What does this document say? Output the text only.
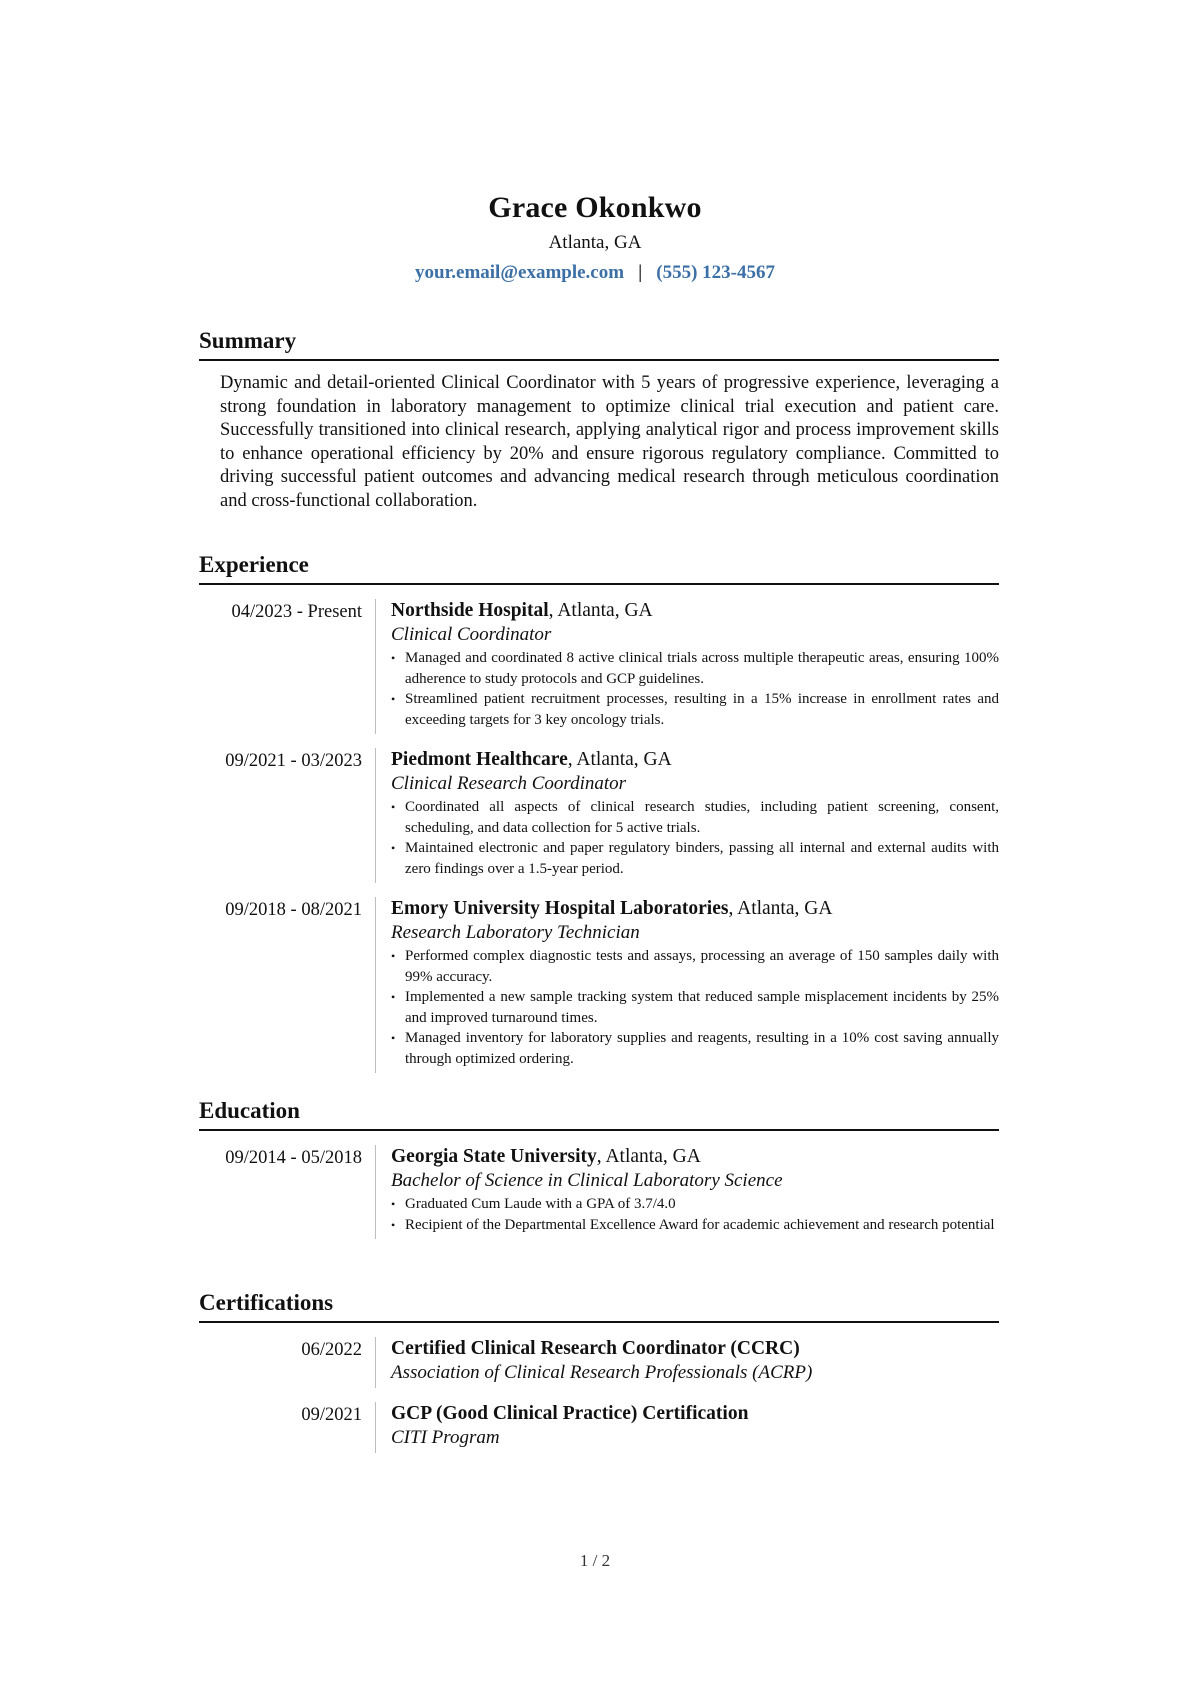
Grace Okonkwo
Atlanta, GA
your.email@example.com | (555) 123-4567
Summary
Dynamic and detail-oriented Clinical Coordinator with 5 years of progressive experience, leveraging a strong foundation in laboratory management to optimize clinical trial execution and patient care. Successfully transitioned into clinical research, applying analytical rigor and process improvement skills to enhance operational efficiency by 20% and ensure rigorous regulatory compliance. Committed to driving successful patient outcomes and advancing medical research through meticulous coordination and cross-functional collaboration.
Experience
04/2023 - Present	Northside Hospital, Atlanta, GA
Clinical Coordinator
• Managed and coordinated 8 active clinical trials across multiple therapeutic areas, ensuring 100% adherence to study protocols and GCP guidelines.
• Streamlined patient recruitment processes, resulting in a 15% increase in enrollment rates and exceeding targets for 3 key oncology trials.
09/2021 - 03/2023	Piedmont Healthcare, Atlanta, GA
Clinical Research Coordinator
• Coordinated all aspects of clinical research studies, including patient screening, consent, scheduling, and data collection for 5 active trials.
• Maintained electronic and paper regulatory binders, passing all internal and external audits with zero findings over a 1.5-year period.
09/2018 - 08/2021	Emory University Hospital Laboratories, Atlanta, GA
Research Laboratory Technician
• Performed complex diagnostic tests and assays, processing an average of 150 samples daily with 99% accuracy.
• Implemented a new sample tracking system that reduced sample misplacement incidents by 25% and improved turnaround times.
• Managed inventory for laboratory supplies and reagents, resulting in a 10% cost saving annually through optimized ordering.
Education
09/2014 - 05/2018	Georgia State University, Atlanta, GA
Bachelor of Science in Clinical Laboratory Science
• Graduated Cum Laude with a GPA of 3.7/4.0
• Recipient of the Departmental Excellence Award for academic achievement and research potential
Certifications
06/2022	Certified Clinical Research Coordinator (CCRC)
Association of Clinical Research Professionals (ACRP)
09/2021	GCP (Good Clinical Practice) Certification
CITI Program
1 / 2
